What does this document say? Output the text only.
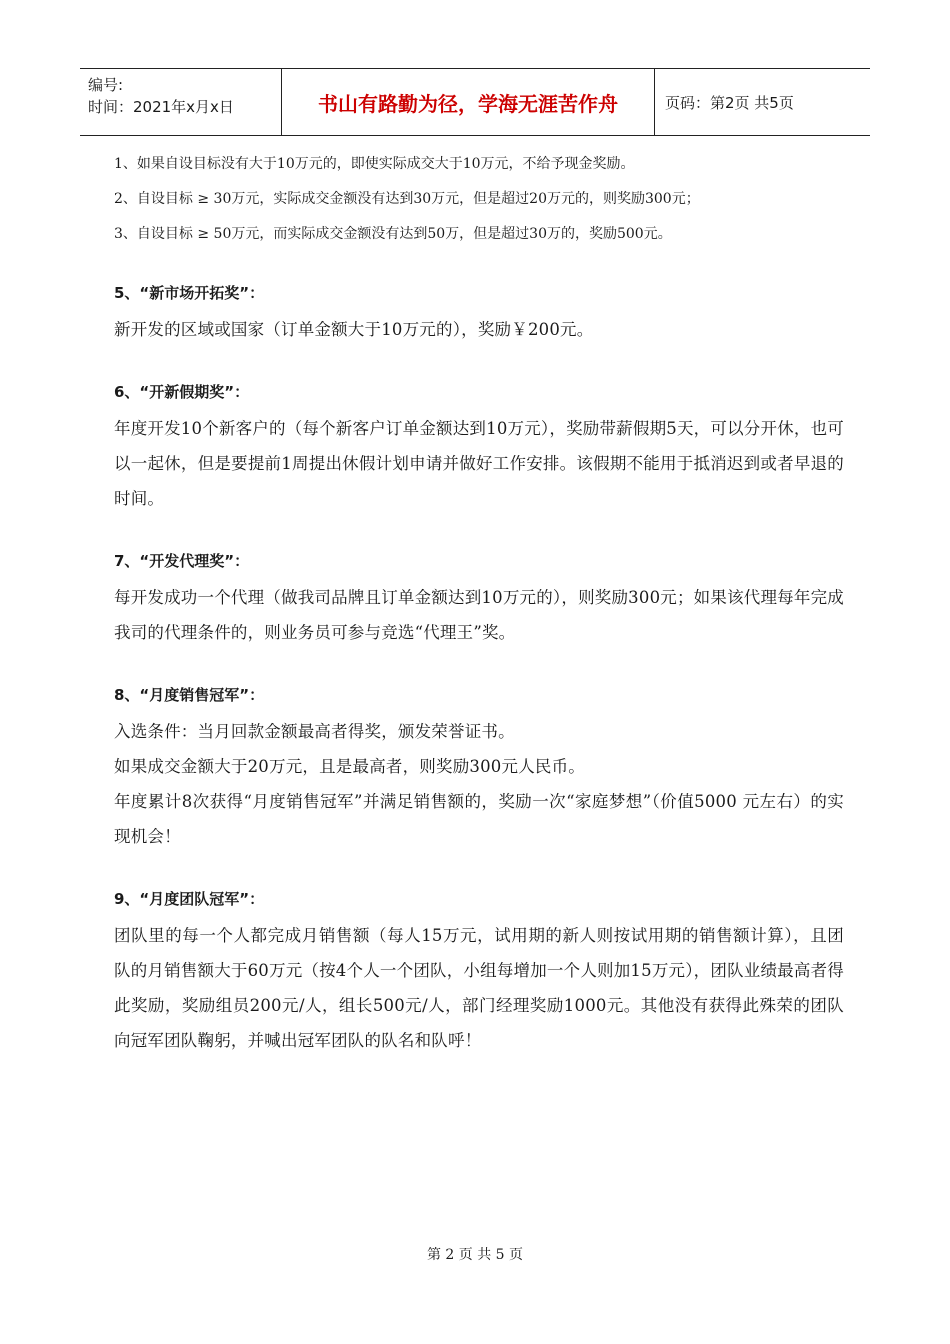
编号:
时间：2021年x月x日	书山有路勤为径，学海无涯苦作舟	页码：第2页 共5页

1、如果自设目标没有大于10万元的，即使实际成交大于10万元，不给予现金奖励。

2、自设目标 ≥ 30万元，实际成交金额没有达到30万元，但是超过20万元的，则奖励300元；

3、自设目标 ≥ 50万元，而实际成交金额没有达到50万，但是超过30万的，奖励500元。

5、“新市场开拓奖”：

新开发的区域或国家（订单金额大于10万元的），奖励￥200元。

6、“开新假期奖”：

年度开发10个新客户的（每个新客户订单金额达到10万元），奖励带薪假期5天，可以分开休，也可以一起休，但是要提前1周提出休假计划申请并做好工作安排。该假期不能用于抵消迟到或者早退的时间。

7、“开发代理奖”：

每开发成功一个代理（做我司品牌且订单金额达到10万元的），则奖励300元；如果该代理每年完成我司的代理条件的，则业务员可参与竞选“代理王”奖。

8、“月度销售冠军”：

入选条件：当月回款金额最高者得奖，颁发荣誉证书。

如果成交金额大于20万元，且是最高者，则奖励300元人民币。

年度累计8次获得“月度销售冠军”并满足销售额的，奖励一次“家庭梦想”（价值5000 元左右）的实现机会！

9、“月度团队冠军”：

团队里的每一个人都完成月销售额（每人15万元，试用期的新人则按试用期的销售额计算），且团队的月销售额大于60万元（按4个人一个团队，小组每增加一个人则加15万元），团队业绩最高者得此奖励，奖励组员200元/人，组长500元/人，部门经理奖励1000元。其他没有获得此殊荣的团队向冠军团队鞠躬，并喊出冠军团队的队名和队呼！

第 2 页 共 5 页
